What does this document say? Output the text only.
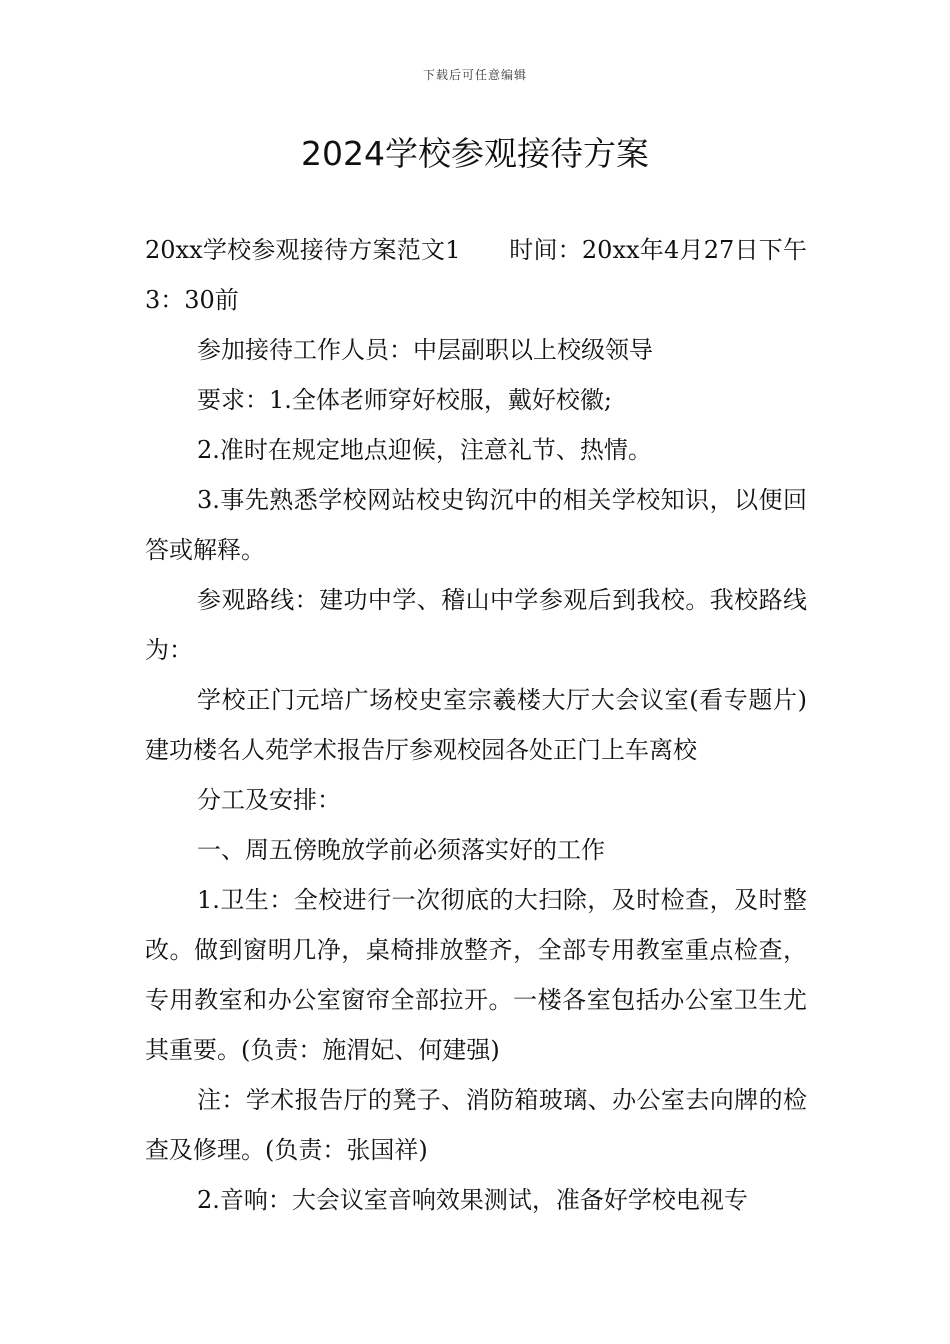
下载后可任意编辑
2024学校参观接待方案

20xx学校参观接待方案范文1　　时间：20xx年4月27日下午3：30前

参加接待工作人员：中层副职以上校级领导

要求：1.全体老师穿好校服，戴好校徽;

2.准时在规定地点迎候，注意礼节、热情。

3.事先熟悉学校网站校史钩沉中的相关学校知识，以便回答或解释。

参观路线：建功中学、稽山中学参观后到我校。我校路线为：

学校正门元培广场校史室宗羲楼大厅大会议室(看专题片)建功楼名人苑学术报告厅参观校园各处正门上车离校

分工及安排：

一、周五傍晚放学前必须落实好的工作

1.卫生：全校进行一次彻底的大扫除，及时检查，及时整改。做到窗明几净，桌椅排放整齐，全部专用教室重点检查，专用教室和办公室窗帘全部拉开。一楼各室包括办公室卫生尤其重要。(负责：施渭妃、何建强)

注：学术报告厅的凳子、消防箱玻璃、办公室去向牌的检查及修理。(负责：张国祥)

2.音响：大会议室音响效果测试，准备好学校电视专
